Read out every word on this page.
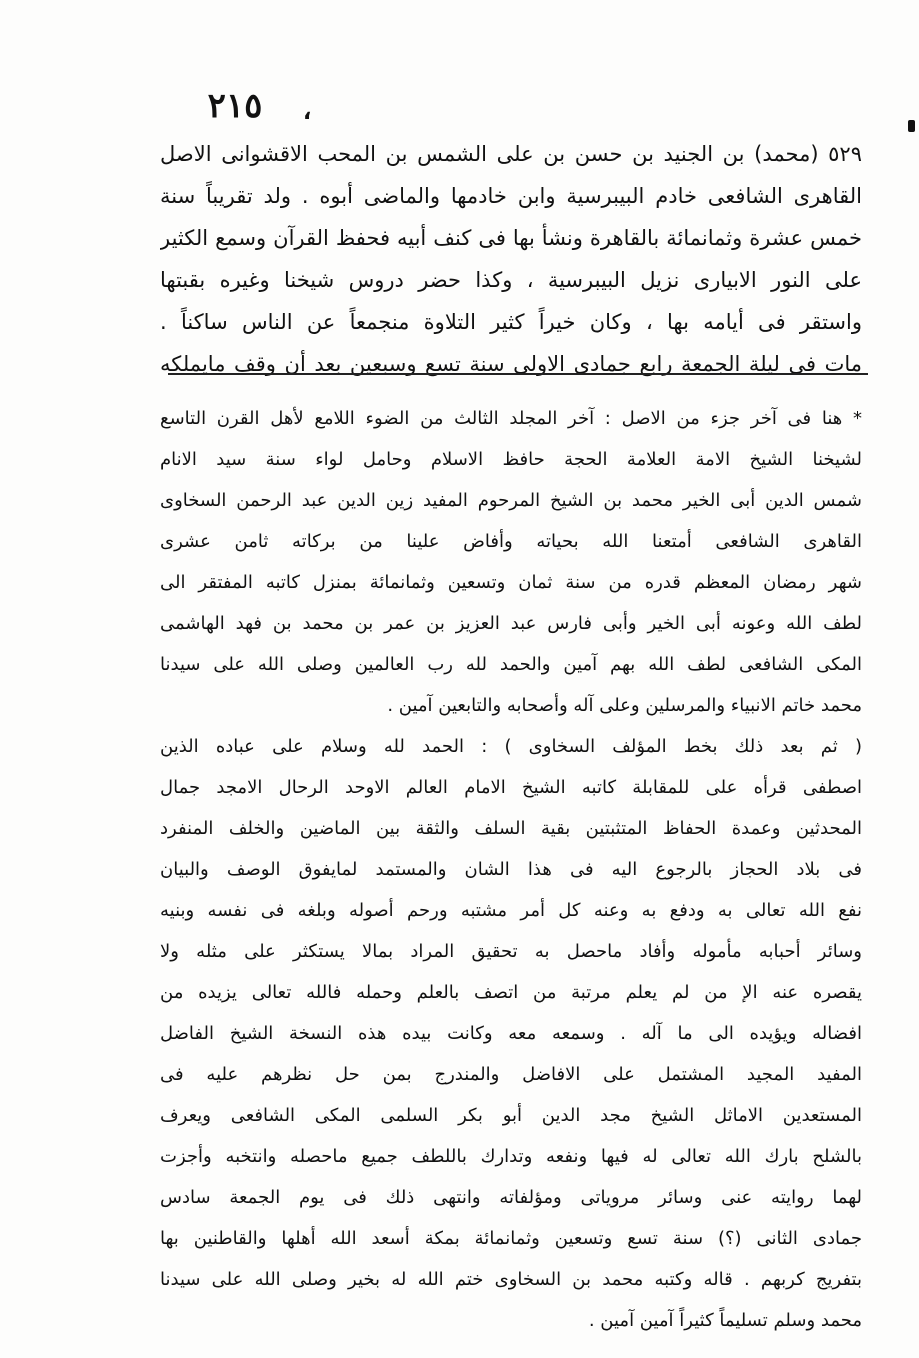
٢١٥	،
٥٢٩ (محمد) بن الجنيد بن حسن بن على الشمس بن المحب الاقشوانى الاصل
القاهرى الشافعى خادم البيبرسية وابن خادمها والماضى أبوه . ولد تقريباً سنة
خمس عشرة وثمانمائة بالقاهرة ونشأ بها فى كنف أبيه فحفظ القرآن وسمع الكثير
على النور الابيارى نزيل البيبرسية ، وكذا حضر دروس شيخنا وغيره بقبتها
واستقر فى أيامه بها ، وكان خيراً كثير التلاوة منجمعاً عن الناس ساكناً .
مات فى ليلة الجمعة رابع جمادى الاولى سنة تسع وسبعين بعد أن وقف مايملكه
* هنا فى آخر جزء من الاصل : آخر المجلد الثالث من الضوء اللامع لأهل القرن التاسع
لشيخنا الشيخ الامة العلامة الحجة حافظ الاسلام وحامل لواء سنة سيد الانام
شمس الدين أبى الخير محمد بن الشيخ المرحوم المفيد زين الدين عبد الرحمن السخاوى
القاهرى الشافعى أمتعنا الله بحياته وأفاض علينا من بركاته ثامن عشرى
شهر رمضان المعظم قدره من سنة ثمان وتسعين وثمانمائة بمنزل كاتبه المفتقر الى
لطف الله وعونه أبى الخير وأبى فارس عبد العزيز بن عمر بن محمد بن فهد الهاشمى
المكى الشافعى لطف الله بهم آمين والحمد لله رب العالمين وصلى الله على سيدنا
محمد خاتم الانبياء والمرسلين وعلى آله وأصحابه والتابعين آمين .
( ثم بعد ذلك بخط المؤلف السخاوى ) : الحمد لله وسلام على عباده الذين
اصطفى قرأه على للمقابلة كاتبه الشيخ الامام العالم الاوحد الرحال الامجد جمال
المحدثين وعمدة الحفاظ المتثبتين بقية السلف والثقة بين الماضين والخلف المنفرد
فى بلاد الحجاز بالرجوع اليه فى هذا الشان والمستمد لمايفوق الوصف والبيان
نفع الله تعالى به ودفع به وعنه كل أمر مشتبه ورحم أصوله وبلغه فى نفسه وبنيه
وسائر أحبابه مأموله وأفاد ماحصل به تحقيق المراد بمالا يستكثر على مثله ولا
يقصره عنه الإ من لم يعلم مرتبة من اتصف بالعلم وحمله فالله تعالى يزيده من
افضاله ويؤيده الى ما آله . وسمعه معه وكانت بيده هذه النسخة الشيخ الفاضل
المفيد المجيد المشتمل على الافاضل والمندرج بمن حل نظرهم عليه فى
المستعدين الاماثل الشيخ مجد الدين أبو بكر السلمى المكى الشافعى ويعرف
بالشلح بارك الله تعالى له فيها ونفعه وتدارك باللطف جميع ماحصله وانتخبه وأجزت
لهما روايته عنى وسائر مروياتى ومؤلفاته وانتهى ذلك فى يوم الجمعة سادس
جمادى الثانى (؟) سنة تسع وتسعين وثمانمائة بمكة أسعد الله أهلها والقاطنين بها
بتفريج كربهم . قاله وكتبه محمد بن السخاوى ختم الله له بخير وصلى الله على سيدنا
محمد وسلم تسليماً كثيراً آمين آمين .
